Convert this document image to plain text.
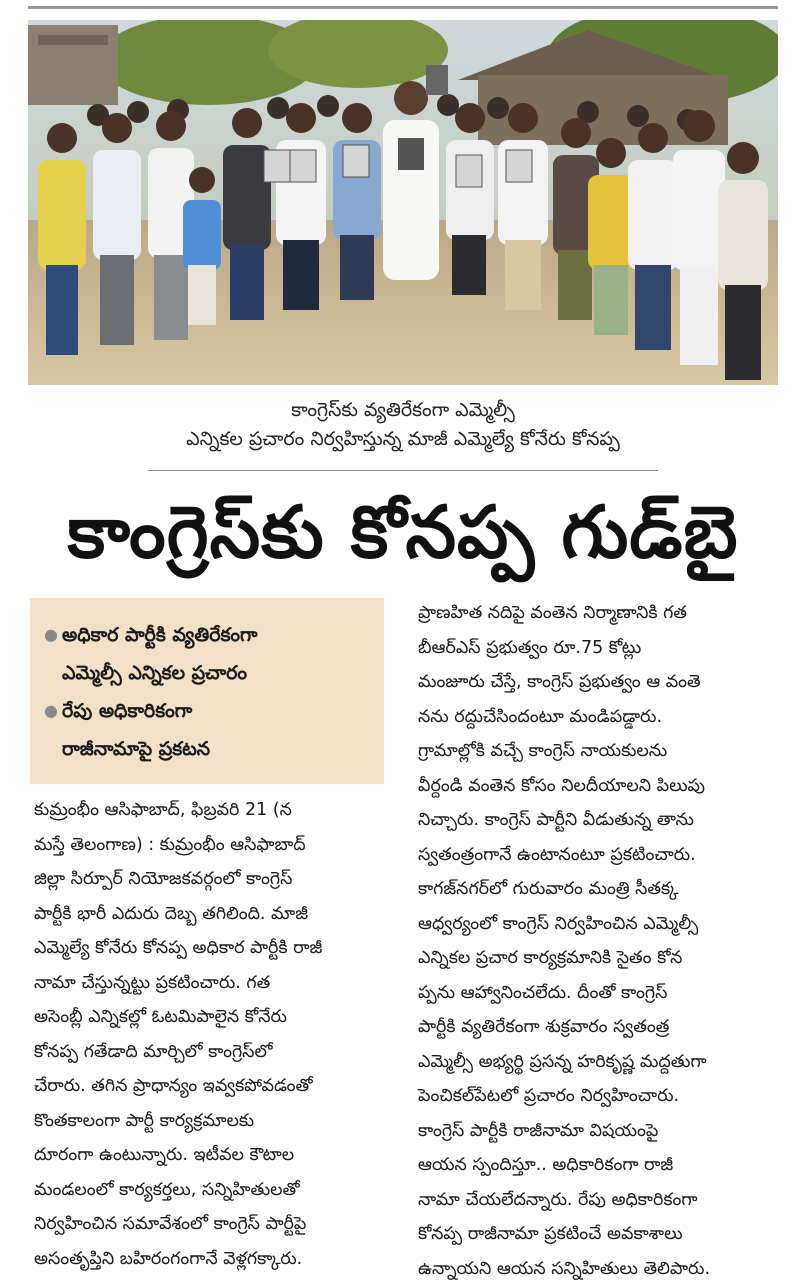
కాంగ్రెస్‌కు వ్యతిరేకంగా ఎమ్మెల్సీ
ఎన్నికల ప్రచారం నిర్వహిస్తున్న మాజీ ఎమ్మెల్యే కోనేరు కోనప్ప
కాంగ్రెస్‌కు కోనప్ప గుడ్‌బై
● అధికార పార్టీకి వ్యతిరేకంగా
ఎమ్మెల్సీ ఎన్నికల ప్రచారం
● రేపు అధికారికంగా
రాజీనామాపై ప్రకటన
కుమ్రంభీం ఆసిఫాబాద్, ఫిబ్రవరి 21 (న
మస్తే తెలంగాణ) : కుమ్రంభీం ఆసిఫాబాద్
జిల్లా సిర్పూర్ నియోజకవర్గంలో కాంగ్రెస్
పార్టీకి భారీ ఎదురు దెబ్బ తగిలింది. మాజీ
ఎమ్మెల్యే కోనేరు కోనప్ప అధికార పార్టీకి రాజీ
నామా చేస్తున్నట్టు ప్రకటించారు. గత
అసెంబ్లీ ఎన్నికల్లో ఓటమిపాలైన కోనేరు
కోనప్ప గతేడాది మార్చిలో కాంగ్రెస్‌లో
చేరారు. తగిన ప్రాధాన్యం ఇవ్వకపోవడంతో
కొంతకాలంగా పార్టీ కార్యక్రమాలకు
దూరంగా ఉంటున్నారు. ఇటీవల కౌటాల
మండలంలో కార్యకర్తలు, సన్నిహితులతో
నిర్వహించిన సమావేశంలో కాంగ్రెస్ పార్టీపై
అసంతృప్తిని బహిరంగంగానే వెళ్లగక్కారు.
ప్రాణహిత నదిపై వంతెన నిర్మాణానికి గత
బీఆర్‌ఎస్ ప్రభుత్వం రూ.75 కోట్లు
మంజూరు చేస్తే, కాంగ్రెస్ ప్రభుత్వం ఆ వంతె
నను రద్దుచేసిందంటూ మండిపడ్డారు.
గ్రామాల్లోకి వచ్చే కాంగ్రెస్ నాయకులను
వీర్దండి వంతెన కోసం నిలదీయాలని పిలుపు
నిచ్చారు. కాంగ్రెస్ పార్టీని వీడుతున్న తాను
స్వతంత్రంగానే ఉంటానంటూ ప్రకటించారు.
కాగజ్‌నగర్‌లో గురువారం మంత్రి సీతక్క
ఆధ్వర్యంలో కాంగ్రెస్ నిర్వహించిన ఎమ్మెల్సీ
ఎన్నికల ప్రచార కార్యక్రమానికి సైతం కోన
ప్పను ఆహ్వానించలేదు. దీంతో కాంగ్రెస్
పార్టీకి వ్యతిరేకంగా శుక్రవారం స్వతంత్ర
ఎమ్మెల్సీ అభ్యర్థి ప్రసన్న హరికృష్ణ మద్దతుగా
పెంచికల్‌పేటలో ప్రచారం నిర్వహించారు.
కాంగ్రెస్ పార్టీకి రాజీనామా విషయంపై
ఆయన స్పందిస్తూ.. అధికారికంగా రాజీ
నామా చేయలేదన్నారు. రేపు అధికారికంగా
కోనప్ప రాజీనామా ప్రకటించే అవకాశాలు
ఉన్నాయని ఆయన సన్నిహితులు తెలిపారు.
